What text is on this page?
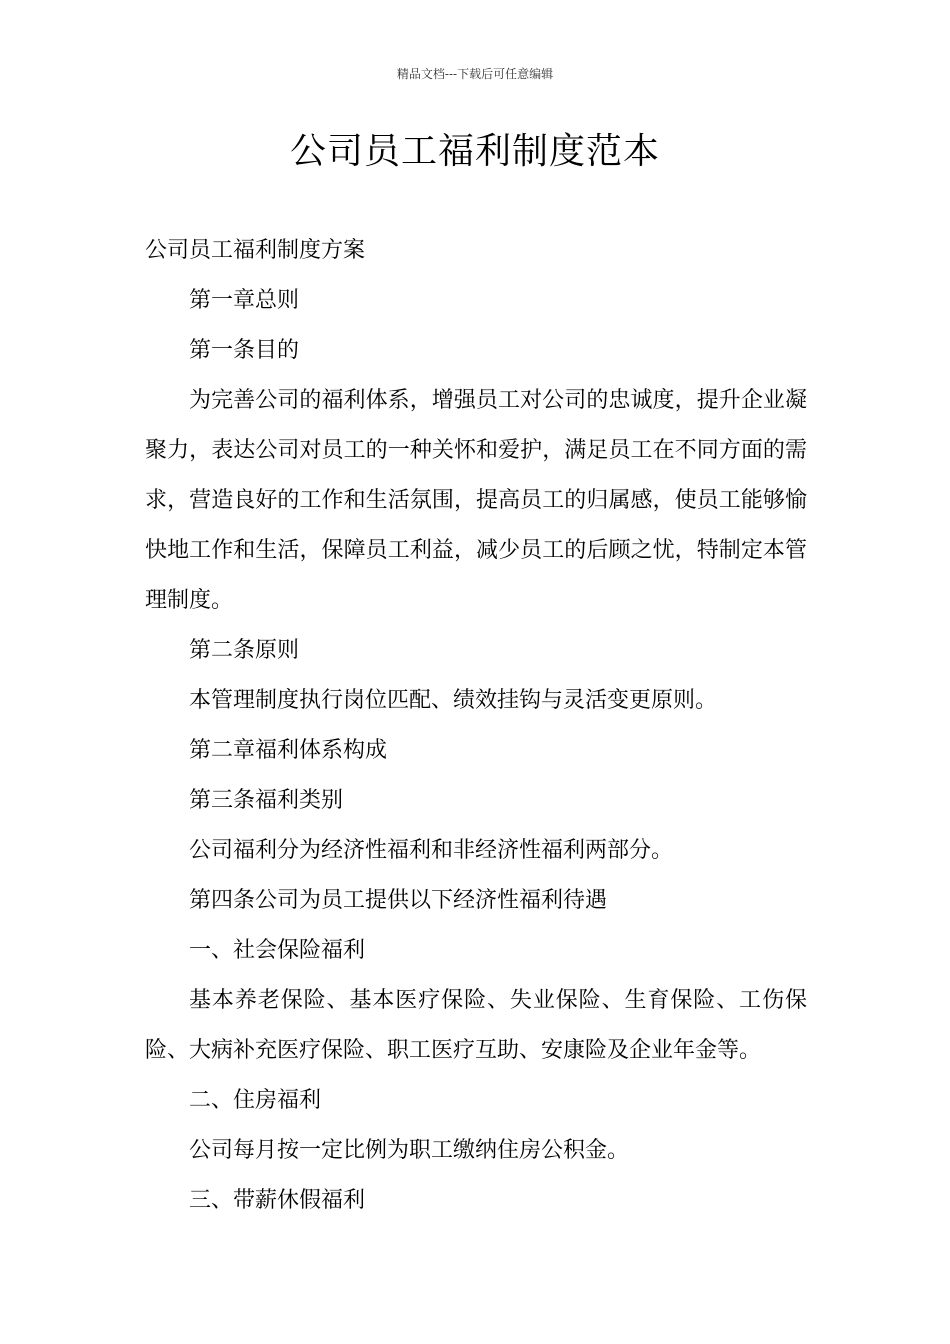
精品文档---下载后可任意编辑
公司员工福利制度范本

公司员工福利制度方案

第一章总则

第一条目的

为完善公司的福利体系，增强员工对公司的忠诚度，提升企业凝聚力，表达公司对员工的一种关怀和爱护，满足员工在不同方面的需求，营造良好的工作和生活氛围，提高员工的归属感，使员工能够愉快地工作和生活，保障员工利益，减少员工的后顾之忧，特制定本管理制度。

第二条原则

本管理制度执行岗位匹配、绩效挂钩与灵活变更原则。

第二章福利体系构成

第三条福利类别

公司福利分为经济性福利和非经济性福利两部分。

第四条公司为员工提供以下经济性福利待遇

一、社会保险福利

基本养老保险、基本医疗保险、失业保险、生育保险、工伤保险、大病补充医疗保险、职工医疗互助、安康险及企业年金等。

二、住房福利

公司每月按一定比例为职工缴纳住房公积金。

三、带薪休假福利
